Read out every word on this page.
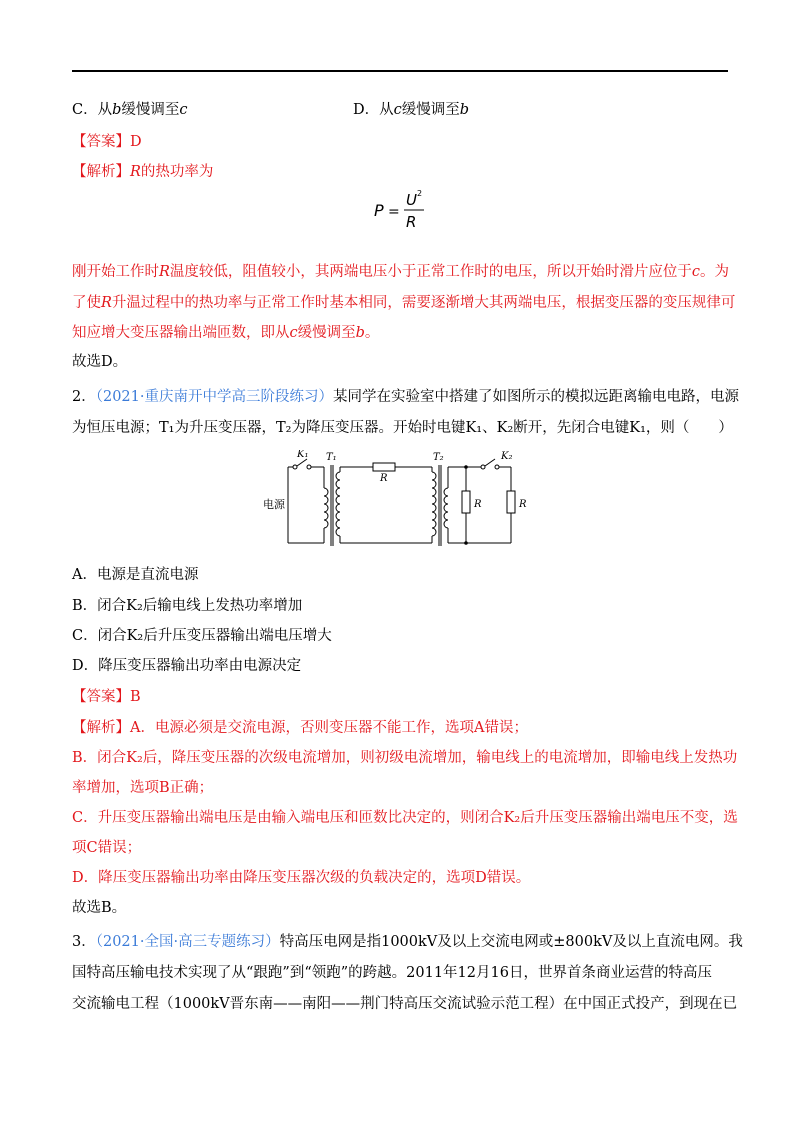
C．从b缓慢调至c	D．从c缓慢调至b
【答案】D
【解析】R的热功率为
P =
U 2
R
刚开始工作时R温度较低，阻值较小，其两端电压小于正常工作时的电压，所以开始时滑片应位于c。为
了使R升温过程中的热功率与正常工作时基本相同，需要逐渐增大其两端电压，根据变压器的变压规律可
知应增大变压器输出端匝数，即从c缓慢调至b。
故选D。
2．（2021·重庆南开中学高三阶段练习）某同学在实验室中搭建了如图所示的模拟远距离输电电路，电源
为恒压电源；T₁为升压变压器，T₂为降压变压器。开始时电键K₁、K₂断开，先闭合电键K₁，则（　　）
K₁ T₁
R
T₂	K₂
电源	R	R
A．电源是直流电源
B．闭合K₂后输电线上发热功率增加
C．闭合K₂后升压变压器输出端电压增大
D．降压变压器输出功率由电源决定
【答案】B
【解析】A．电源必须是交流电源，否则变压器不能工作，选项A错误；
B．闭合K₂后，降压变压器的次级电流增加，则初级电流增加，输电线上的电流增加，即输电线上发热功
率增加，选项B正确；
C．升压变压器输出端电压是由输入端电压和匝数比决定的，则闭合K₂后升压变压器输出端电压不变，选
项C错误；
D．降压变压器输出功率由降压变压器次级的负载决定的，选项D错误。
故选B。
3．（2021·全国·高三专题练习）特高压电网是指1000kV及以上交流电网或±800kV及以上直流电网。我
国特高压输电技术实现了从“跟跑”到“领跑”的跨越。2011年12月16日，世界首条商业运营的特高压
交流输电工程（1000kV晋东南——南阳——荆门特高压交流试验示范工程）在中国正式投产，到现在已
